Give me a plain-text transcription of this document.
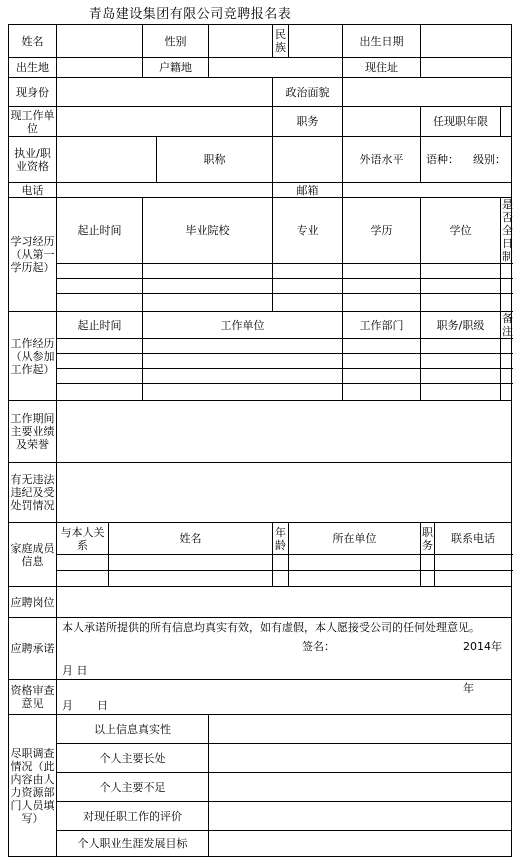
青岛建设集团有限公司竞聘报名表
姓名			性别			民族		出生日期			
出生地			户籍地					现住址			
现身份						政治面貌					
现工作单位						职务			任现职年限		
执业/职业资格				职称				外语水平	语种： 级别：		
电话						邮箱					
学习经历（从第一学历起）	起止时间		毕业院校			专业		学历	学位		是否全日制

工作经历（从参加工作起）	起止时间		工作单位					工作部门	职务/职级		备注

工作期间主要业绩及荣誉											
有无违法违纪及受处罚情况											
家庭成员信息	与本人关系	姓名				年龄	所在单位		职务	联系电话	

应聘岗位											
应聘承诺	本人承诺所提供的所有信息均真实有效，如有虚假，本人愿接受公司的任何处理意见。
签名： 2014年
月 日										

资格审查意见	年
月 日										

尽职调查情况（此内容由人力资源部门人员填写）	以上信息真实性										
	个人主要长处										
	个人主要不足										
	对现任职工作的评价										
	个人职业生涯发展目标										
